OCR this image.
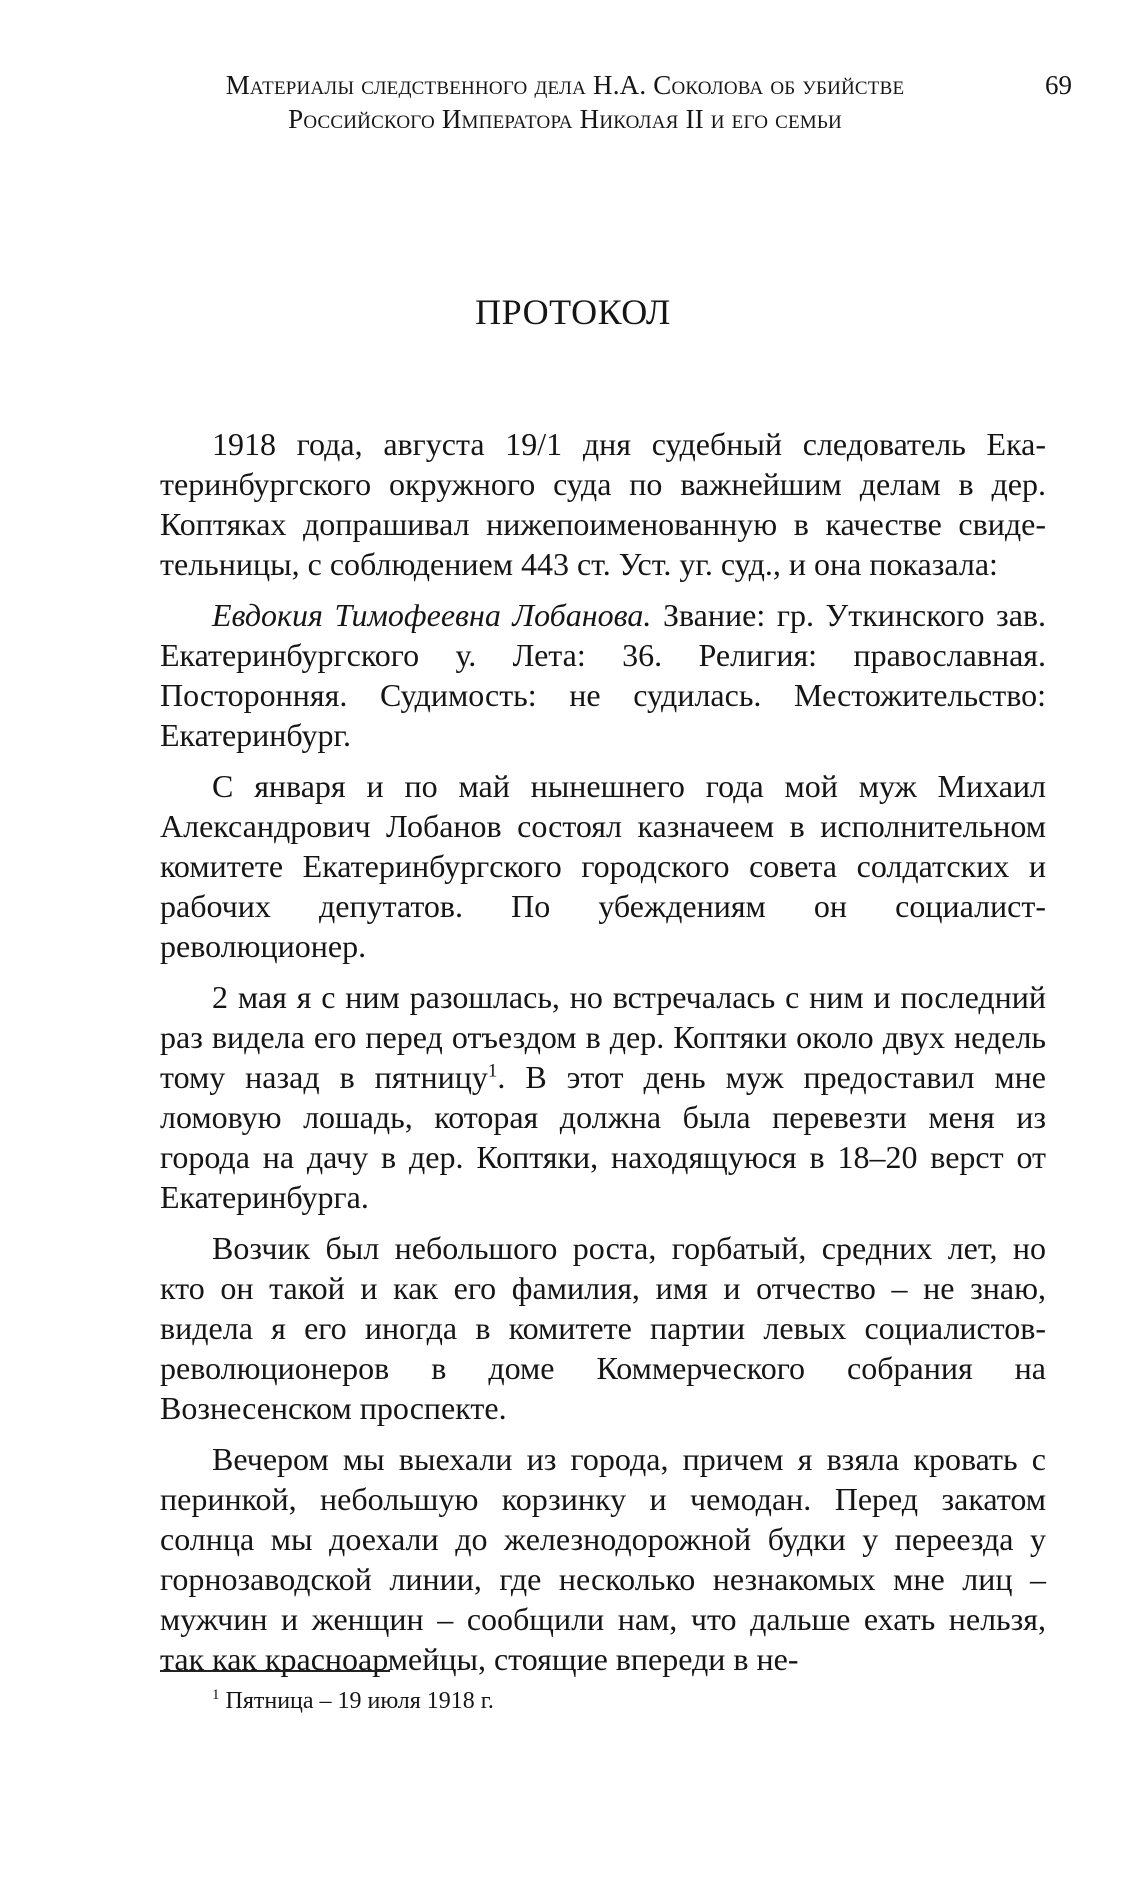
Материалы следственного дела Н.А. Соколова об убийстве
Российского Императора Николая II и его семьи
69
ПРОТОКОЛ

1918 года, августа 19/1 дня судебный следователь Екатеринбургского окружного суда по важнейшим делам в дер. Коптяках допрашивал нижепоименованную в качестве свидетельницы, с соблюдением 443 ст. Уст. уг. суд., и она показала:

Евдокия Тимофеевна Лобанова. Звание: гр. Уткинского зав. Екатеринбургского у. Лета: 36. Религия: православная. Посторонняя. Судимость: не судилась. Местожительство: Екатеринбург.

С января и по май нынешнего года мой муж Михаил Александрович Лобанов состоял казначеем в исполнительном комитете Екатеринбургского городского совета солдатских и рабочих депутатов. По убеждениям он социалист-революционер.

2 мая я с ним разошлась, но встречалась с ним и последний раз видела его перед отъездом в дер. Коптяки около двух недель тому назад в пятницу$^1$. В этот день муж предоставил мне ломовую лошадь, которая должна была перевезти меня из города на дачу в дер. Коптяки, находящуюся в 18–20 верст от Екатеринбурга.

Возчик был небольшого роста, горбатый, средних лет, но кто он такой и как его фамилия, имя и отчество – не знаю, видела я его иногда в комитете партии левых социалистов-революционеров в доме Коммерческого собрания на Вознесенском проспекте.

Вечером мы выехали из города, причем я взяла кровать с перинкой, небольшую корзинку и чемодан. Перед закатом солнца мы доехали до железнодорожной будки у переезда у горнозаводской линии, где несколько незнакомых мне лиц – мужчин и женщин – сообщили нам, что дальше ехать нельзя, так как красноармейцы, стоящие впереди в не-

$^1$ Пятница – 19 июля 1918 г.
